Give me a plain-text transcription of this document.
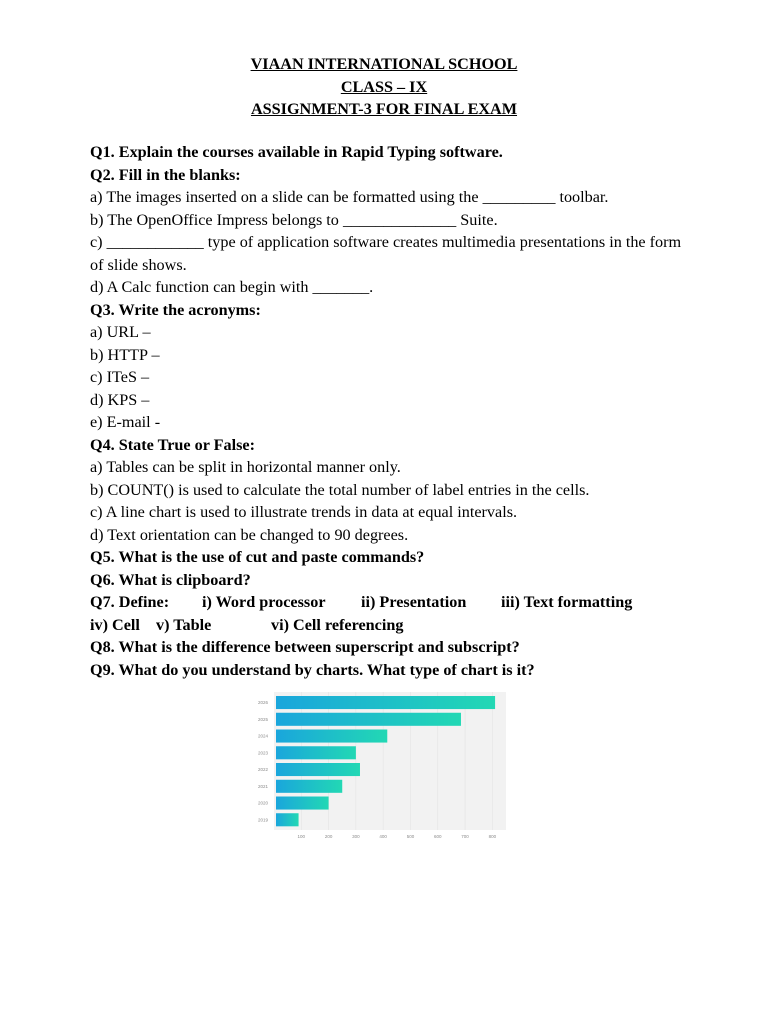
VIAAN INTERNATIONAL SCHOOL
CLASS – IX
ASSIGNMENT-3 FOR FINAL EXAM
Q1. Explain the courses available in Rapid Typing software.
Q2. Fill in the blanks:
a) The images inserted on a slide can be formatted using the _________ toolbar.
b) The OpenOffice Impress belongs to ______________ Suite.
c) ____________ type of application software creates multimedia presentations in the form of slide shows.
d) A Calc function can begin with _______.
Q3. Write the acronyms:
a) URL –
b) HTTP –
c) ITeS –
d) KPS –
e) E-mail -
Q4. State True or False:
a) Tables can be split in horizontal manner only.
b) COUNT() is used to calculate the total number of label entries in the cells.
c) A line chart is used to illustrate trends in data at equal intervals.
d) Text orientation can be changed to 90 degrees.
Q5. What is the use of cut and paste commands?
Q6. What is clipboard?
Q7. Define: i) Word processor ii) Presentation iii) Text formatting
iv) Cell v) Table	vi) Cell referencing
Q8. What is the difference between superscript and subscript?
Q9. What do you understand by charts. What type of chart is it?
100	200	300	400	500	600	700	800
2026
2025
2024
2023
2022
2021
2020
2019
